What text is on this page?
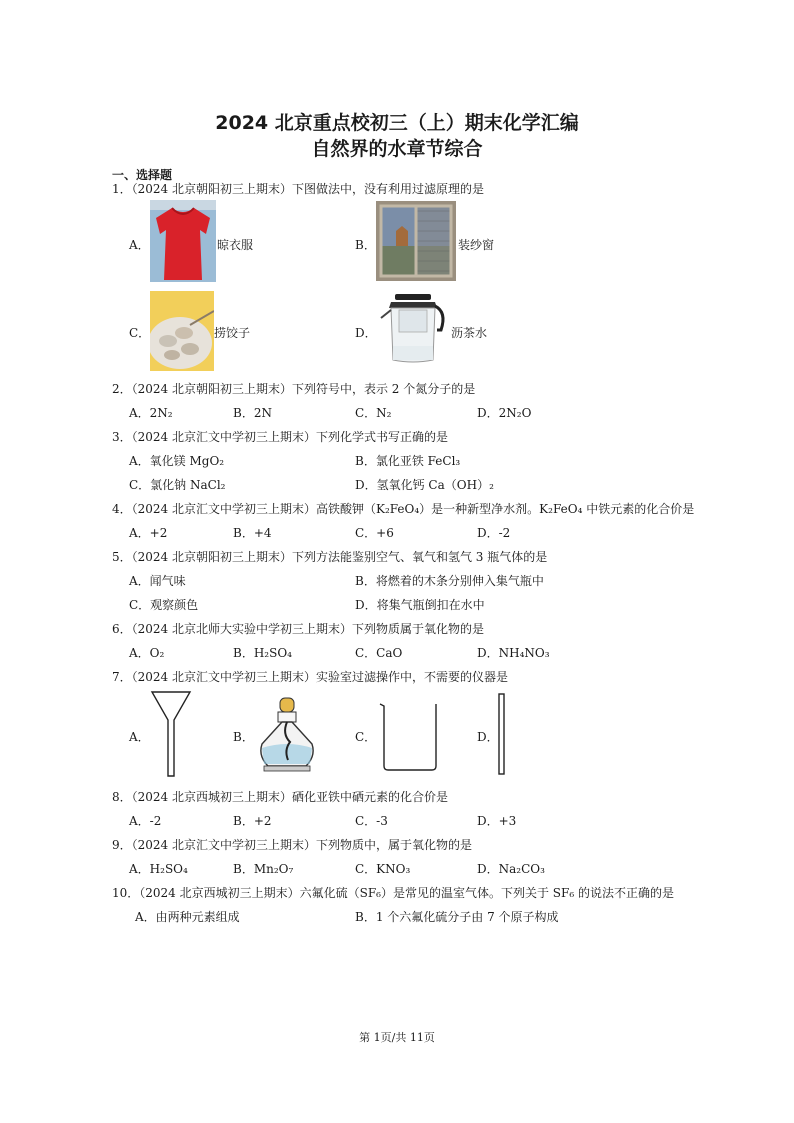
2024 北京重点校初三（上）期末化学汇编
自然界的水章节综合
一、选择题
1．（2024 北京朝阳初三上期末）下图做法中，没有利用过滤原理的是
A．	晾衣服	B．	装纱窗
C．	捞饺子	D．	沥茶水
2．（2024 北京朝阳初三上期末）下列符号中，表示 2 个氮分子的是
A．2N₂	B．2N	C．N₂	D．2N₂O
3．（2024 北京汇文中学初三上期末）下列化学式书写正确的是
A．氧化镁 MgO₂	B．氯化亚铁 FeCl₃
C．氯化钠 NaCl₂	D．氢氧化钙 Ca（OH）₂
4．（2024 北京汇文中学初三上期末）高铁酸钾（K₂FeO₄）是一种新型净水剂。K₂FeO₄ 中铁元素的化合价是
A．+2	B．+4	C．+6	D．-2
5．（2024 北京朝阳初三上期末）下列方法能鉴别空气、氧气和氢气 3 瓶气体的是
A．闻气味	B．将燃着的木条分别伸入集气瓶中
C．观察颜色	D．将集气瓶倒扣在水中
6．（2024 北京北师大实验中学初三上期末）下列物质属于氧化物的是
A．O₂	B．H₂SO₄	C．CaO	D．NH₄NO₃
7．（2024 北京汇文中学初三上期末）实验室过滤操作中，不需要的仪器是
A．	B．	C．	D．
8．（2024 北京西城初三上期末）硒化亚铁中硒元素的化合价是
A．-2	B．+2	C．-3	D．+3
9．（2024 北京汇文中学初三上期末）下列物质中，属于氧化物的是
A．H₂SO₄	B．Mn₂O₇	C．KNO₃	D．Na₂CO₃
10．（2024 北京西城初三上期末）六氟化硫（SF₆）是常见的温室气体。下列关于 SF₆ 的说法不正确的是
A．由两种元素组成	B．1 个六氟化硫分子由 7 个原子构成
第 1页/共 11页
